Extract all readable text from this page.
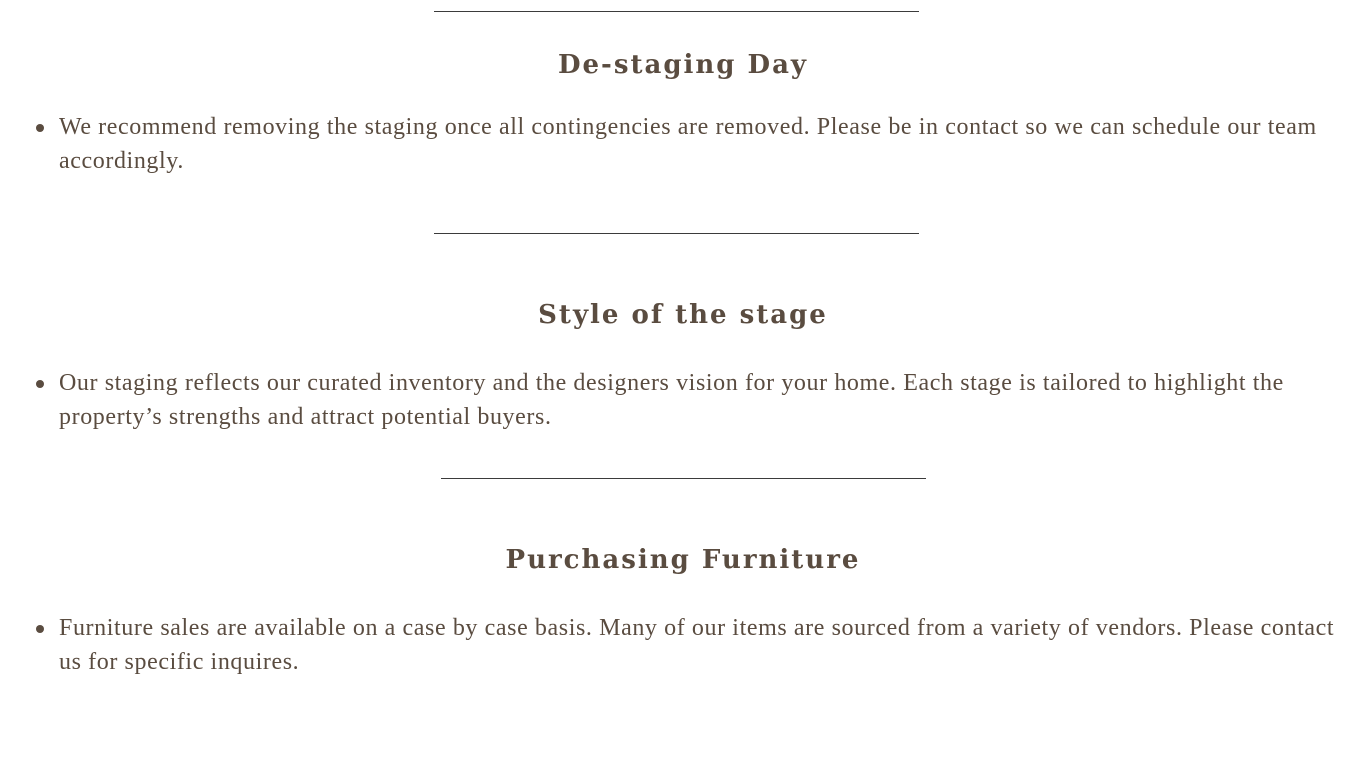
De-staging Day
We recommend removing the staging once all contingencies are removed. Please be in contact so we can schedule our team accordingly.
Style of the stage
Our staging reflects our curated inventory and the designers vision for your home. Each stage is tailored to highlight the property’s strengths and attract potential buyers.
Purchasing Furniture
Furniture sales are available on a case by case basis. Many of our items are sourced from a variety of vendors. Please contact us for specific inquires.
